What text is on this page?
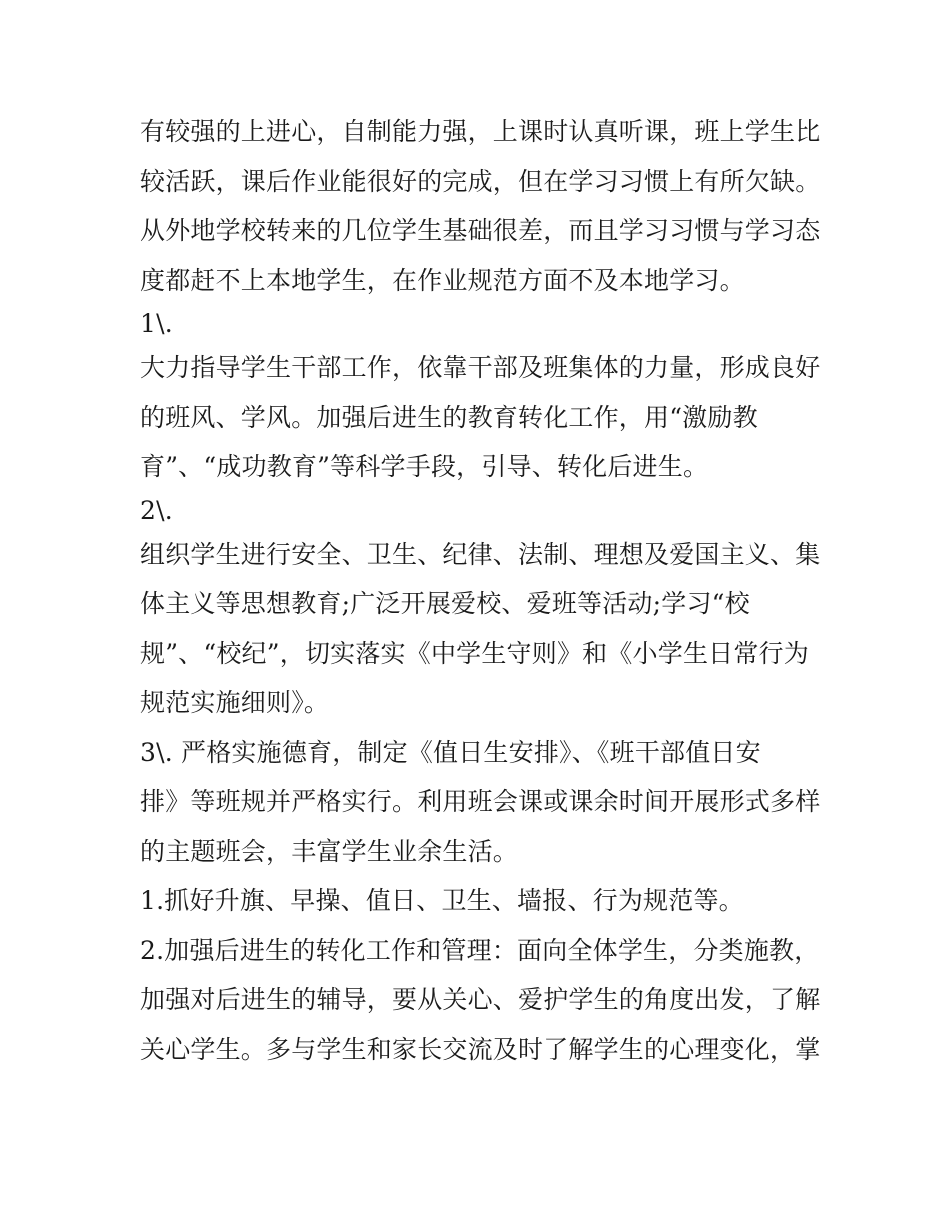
有较强的上进心，自制能力强，上课时认真听课，班上学生比
较活跃，课后作业能很好的完成，但在学习习惯上有所欠缺。
从外地学校转来的几位学生基础很差，而且学习习惯与学习态
度都赶不上本地学生，在作业规范方面不及本地学习。
1\.
大力指导学生干部工作，依靠干部及班集体的力量，形成良好
的班风、学风。加强后进生的教育转化工作，用“激励教
育”、“成功教育”等科学手段，引导、转化后进生。
2\.
组织学生进行安全、卫生、纪律、法制、理想及爱国主义、集
体主义等思想教育;广泛开展爱校、爱班等活动;学习“校
规”、“校纪”，切实落实《中学生守则》和《小学生日常行为
规范实施细则》。
3\. 严格实施德育，制定《值日生安排》、《班干部值日安
排》等班规并严格实行。利用班会课或课余时间开展形式多样
的主题班会，丰富学生业余生活。
1.抓好升旗、早操、值日、卫生、墙报、行为规范等。
2.加强后进生的转化工作和管理：面向全体学生，分类施教，
加强对后进生的辅导，要从关心、爱护学生的角度出发，了解
关心学生。多与学生和家长交流及时了解学生的心理变化，掌
